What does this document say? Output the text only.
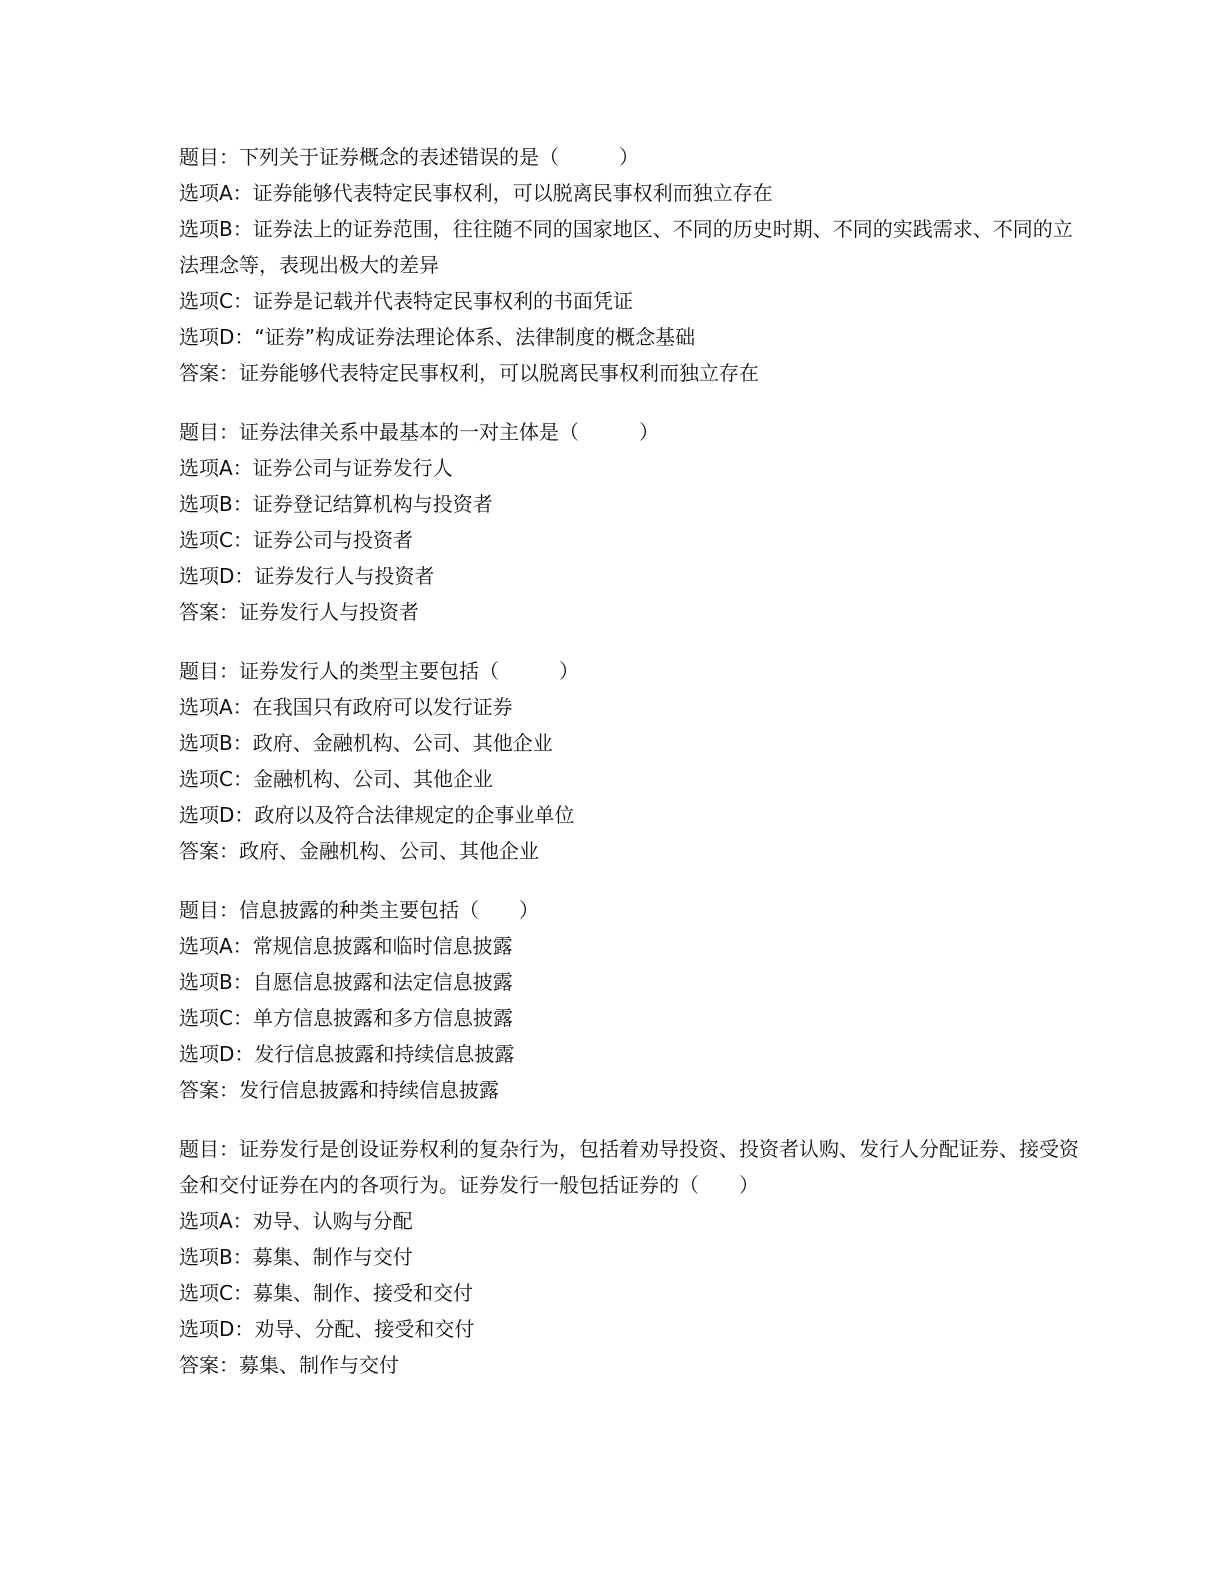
题目：下列关于证券概念的表述错误的是（　　　）
选项A：证券能够代表特定民事权利，可以脱离民事权利而独立存在
选项B：证券法上的证券范围，往往随不同的国家地区、不同的历史时期、不同的实践需求、不同的立法理念等，表现出极大的差异
选项C：证券是记载并代表特定民事权利的书面凭证
选项D：“证券”构成证券法理论体系、法律制度的概念基础
答案：证券能够代表特定民事权利，可以脱离民事权利而独立存在
题目：证券法律关系中最基本的一对主体是（　　　）
选项A：证券公司与证券发行人
选项B：证券登记结算机构与投资者
选项C：证券公司与投资者
选项D：证券发行人与投资者
答案：证券发行人与投资者
题目：证券发行人的类型主要包括（　　　）
选项A：在我国只有政府可以发行证券
选项B：政府、金融机构、公司、其他企业
选项C：金融机构、公司、其他企业
选项D：政府以及符合法律规定的企事业单位
答案：政府、金融机构、公司、其他企业
题目：信息披露的种类主要包括（　　）
选项A：常规信息披露和临时信息披露
选项B：自愿信息披露和法定信息披露
选项C：单方信息披露和多方信息披露
选项D：发行信息披露和持续信息披露
答案：发行信息披露和持续信息披露
题目：证券发行是创设证券权利的复杂行为，包括着劝导投资、投资者认购、发行人分配证券、接受资金和交付证券在内的各项行为。证券发行一般包括证券的（　　）
选项A：劝导、认购与分配
选项B：募集、制作与交付
选项C：募集、制作、接受和交付
选项D：劝导、分配、接受和交付
答案：募集、制作与交付
